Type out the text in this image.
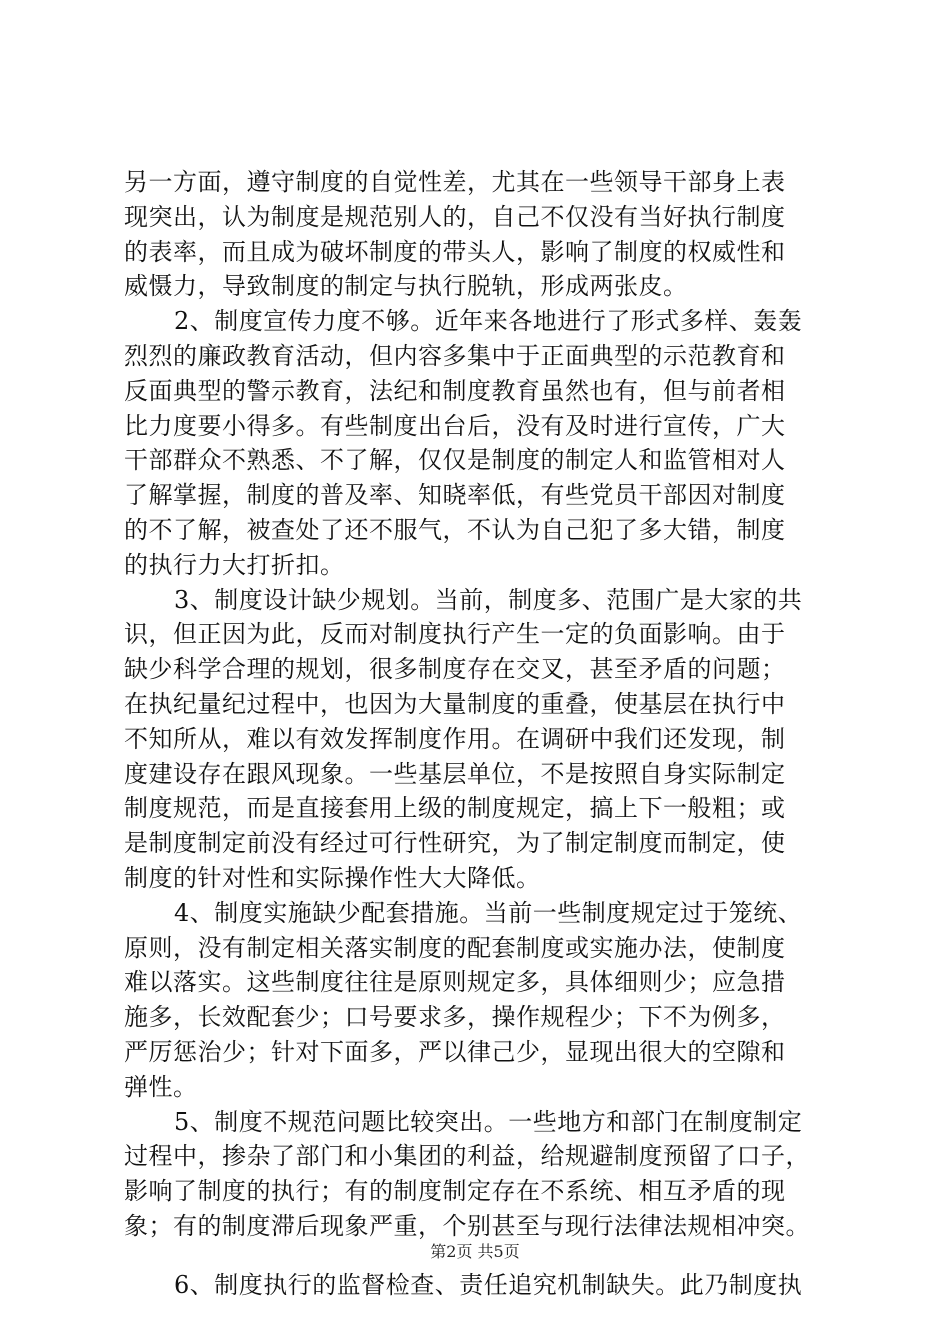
另一方面，遵守制度的自觉性差，尤其在一些领导干部身上表
现突出，认为制度是规范别人的，自己不仅没有当好执行制度
的表率，而且成为破坏制度的带头人，影响了制度的权威性和
威慑力，导致制度的制定与执行脱轨，形成两张皮。
2、制度宣传力度不够。近年来各地进行了形式多样、轰轰
烈烈的廉政教育活动，但内容多集中于正面典型的示范教育和
反面典型的警示教育，法纪和制度教育虽然也有，但与前者相
比力度要小得多。有些制度出台后，没有及时进行宣传，广大
干部群众不熟悉、不了解，仅仅是制度的制定人和监管相对人
了解掌握，制度的普及率、知晓率低，有些党员干部因对制度
的不了解，被查处了还不服气，不认为自己犯了多大错，制度
的执行力大打折扣。
3、制度设计缺少规划。当前，制度多、范围广是大家的共
识，但正因为此，反而对制度执行产生一定的负面影响。由于
缺少科学合理的规划，很多制度存在交叉，甚至矛盾的问题；
在执纪量纪过程中，也因为大量制度的重叠，使基层在执行中
不知所从，难以有效发挥制度作用。在调研中我们还发现，制
度建设存在跟风现象。一些基层单位，不是按照自身实际制定
制度规范，而是直接套用上级的制度规定，搞上下一般粗；或
是制度制定前没有经过可行性研究，为了制定制度而制定，使
制度的针对性和实际操作性大大降低。
4、制度实施缺少配套措施。当前一些制度规定过于笼统、
原则，没有制定相关落实制度的配套制度或实施办法，使制度
难以落实。这些制度往往是原则规定多，具体细则少；应急措
施多，长效配套少；口号要求多，操作规程少；下不为例多，
严厉惩治少；针对下面多，严以律己少，显现出很大的空隙和
弹性。
5、制度不规范问题比较突出。一些地方和部门在制度制定
过程中，掺杂了部门和小集团的利益，给规避制度预留了口子，
影响了制度的执行；有的制度制定存在不系统、相互矛盾的现
象；有的制度滞后现象严重，个别甚至与现行法律法规相冲突。
6、制度执行的监督检查、责任追究机制缺失。此乃制度执
第2页 共5页
